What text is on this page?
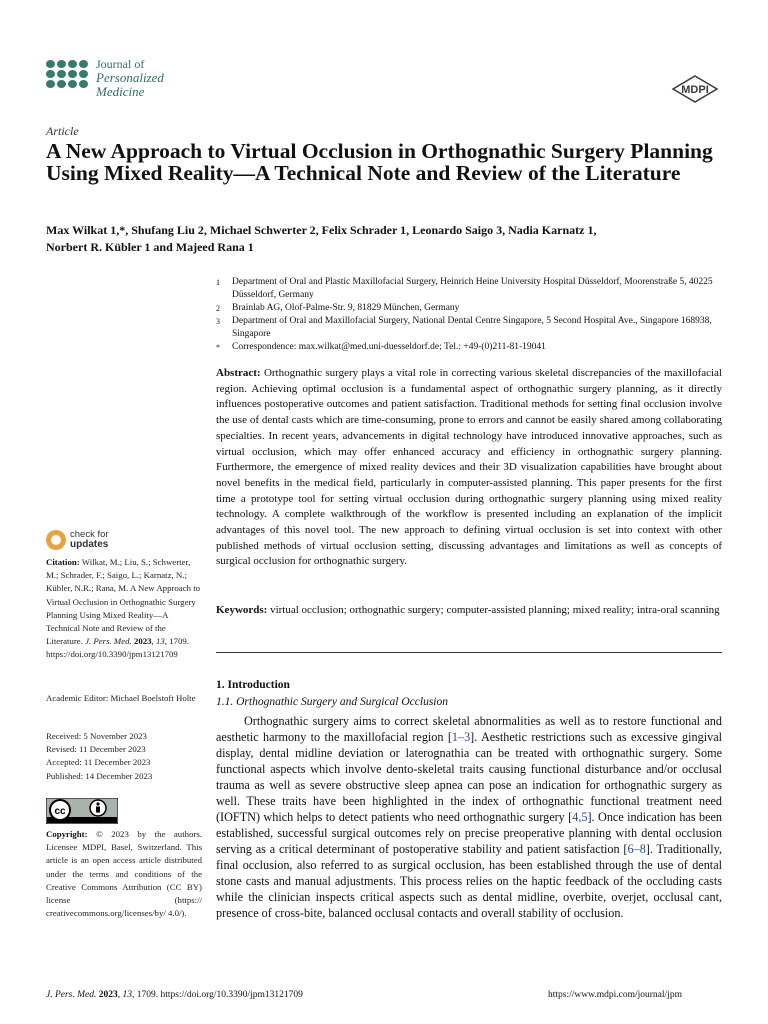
Journal of
Personalized
Medicine	MDPI
Article
A New Approach to Virtual Occlusion in Orthognathic Surgery Planning Using Mixed Reality—A Technical Note and Review of the Literature
Max Wilkat 1,*, Shufang Liu 2, Michael Schwerter 2, Felix Schrader 1, Leonardo Saigo 3, Nadia Karnatz 1,
Norbert R. Kübler 1 and Majeed Rana 1
1	Department of Oral and Plastic Maxillofacial Surgery, Heinrich Heine University Hospital Düsseldorf, Moorenstraße 5, 40225 Düsseldorf, Germany
2	Brainlab AG, Olof-Palme-Str. 9, 81829 München, Germany
3	Department of Oral and Maxillofacial Surgery, National Dental Centre Singapore, 5 Second Hospital Ave., Singapore 168938, Singapore
*	Correspondence: max.wilkat@med.uni-duesseldorf.de; Tel.: +49-(0)211-81-19041
Abstract: Orthognathic surgery plays a vital role in correcting various skeletal discrepancies of the maxillofacial region. Achieving optimal occlusion is a fundamental aspect of orthognathic surgery planning, as it directly influences postoperative outcomes and patient satisfaction. Traditional methods for setting final occlusion involve the use of dental casts which are time-consuming, prone to errors and cannot be easily shared among collaborating specialties. In recent years, advancements in digital technology have introduced innovative approaches, such as virtual occlusion, which may offer enhanced accuracy and efficiency in orthognathic surgery planning. Furthermore, the emergence of mixed reality devices and their 3D visualization capabilities have brought about novel benefits in the medical field, particularly in computer-assisted planning. This paper presents for the first time a prototype tool for setting virtual occlusion during orthognathic surgery planning using mixed reality technology. A complete walkthrough of the workflow is presented including an explanation of the implicit advantages of this novel tool. The new approach to defining virtual occlusion is set into context with other published methods of virtual occlusion setting, discussing advantages and limitations as well as concepts of surgical occlusion for orthognathic surgery.
Keywords: virtual occlusion; orthognathic surgery; computer-assisted planning; mixed reality; intra-oral scanning
1. Introduction
1.1. Orthognathic Surgery and Surgical Occlusion

Orthognathic surgery aims to correct skeletal abnormalities as well as to restore functional and aesthetic harmony to the maxillofacial region [1–3]. Aesthetic restrictions such as excessive gingival display, dental midline deviation or laterognathia can be treated with orthognathic surgery. Some functional aspects which involve dento-skeletal traits causing functional disturbance and/or occlusal trauma as well as severe obstructive sleep apnea can pose an indication for orthognathic surgery as well. These traits have been highlighted in the index of orthognathic functional treatment need (IOFTN) which helps to detect patients who need orthognathic surgery [4,5]. Once indication has been established, successful surgical outcomes rely on precise preoperative planning with dental occlusion serving as a critical determinant of postoperative stability and patient satisfaction [6–8]. Traditionally, final occlusion, also referred to as surgical occlusion, has been established through the use of dental stone casts and manual adjustments. This process relies on the haptic feedback of the occluding casts while the clinician inspects critical aspects such as dental midline, overbite, overjet, occlusal cant, presence of cross-bite, balanced occlusal contacts and overall stability of occlusion.

check for
updates
Citation: Wilkat, M.; Liu, S.; Schwerter, M.; Schrader, F.; Saigo, L.; Karnatz, N.; Kübler, N.R.; Rana, M. A New Approach to Virtual Occlusion in Orthognathic Surgery Planning Using Mixed Reality—A Technical Note and Review of the Literature. J. Pers. Med. 2023, 13, 1709. https://doi.org/10.3390/jpm13121709
Academic Editor: Michael Boelstoft Holte
Received: 5 November 2023
Revised: 11 December 2023
Accepted: 11 December 2023
Published: 14 December 2023
cc
Copyright: © 2023 by the authors. Licensee MDPI, Basel, Switzerland. This article is an open access article distributed under the terms and conditions of the Creative Commons Attribution (CC BY) license (https:// creativecommons.org/licenses/by/ 4.0/).
J. Pers. Med. 2023, 13, 1709. https://doi.org/10.3390/jpm13121709	https://www.mdpi.com/journal/jpm
